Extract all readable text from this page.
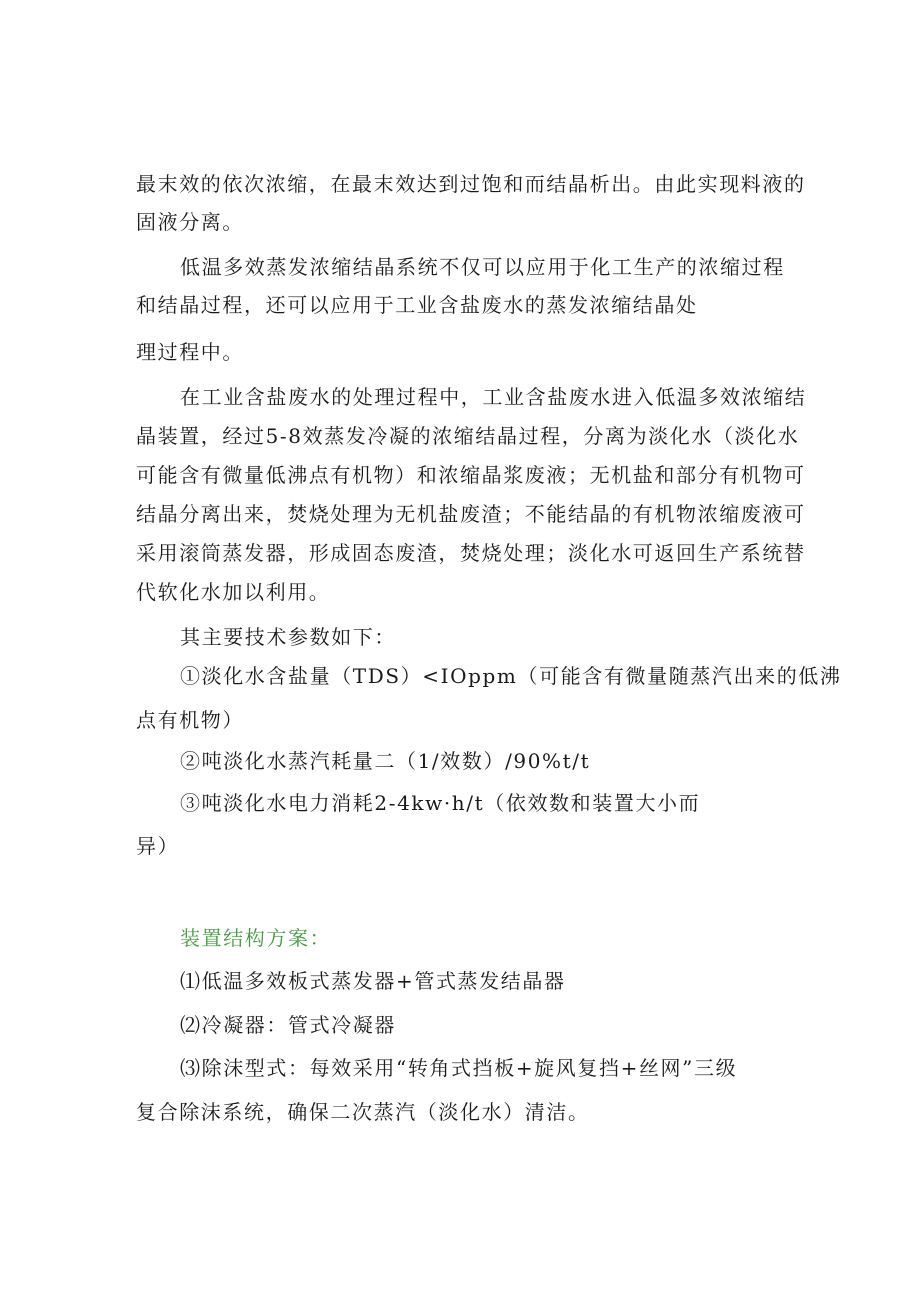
最末效的依次浓缩，在最末效达到过饱和而结晶析出。由此实现料液的
固液分离。
低温多效蒸发浓缩结晶系统不仅可以应用于化工生产的浓缩过程
和结晶过程，还可以应用于工业含盐废水的蒸发浓缩结晶处
理过程中。
在工业含盐废水的处理过程中，工业含盐废水进入低温多效浓缩结
晶装置，经过5-8效蒸发冷凝的浓缩结晶过程，分离为淡化水（淡化水
可能含有微量低沸点有机物）和浓缩晶浆废液；无机盐和部分有机物可
结晶分离出来，焚烧处理为无机盐废渣；不能结晶的有机物浓缩废液可
采用滚筒蒸发器，形成固态废渣，焚烧处理；淡化水可返回生产系统替
代软化水加以利用。
其主要技术参数如下：
①淡化水含盐量（TDS）<IOppm（可能含有微量随蒸汽出来的低沸
点有机物）
②吨淡化水蒸汽耗量二（1/效数）/90%t/t
③吨淡化水电力消耗2-4kw·h/t（依效数和装置大小而
异）
装置结构方案：
⑴低温多效板式蒸发器+管式蒸发结晶器
⑵冷凝器：管式冷凝器
⑶除沫型式：每效采用“转角式挡板+旋风复挡+丝网”三级
复合除沫系统，确保二次蒸汽（淡化水）清洁。
